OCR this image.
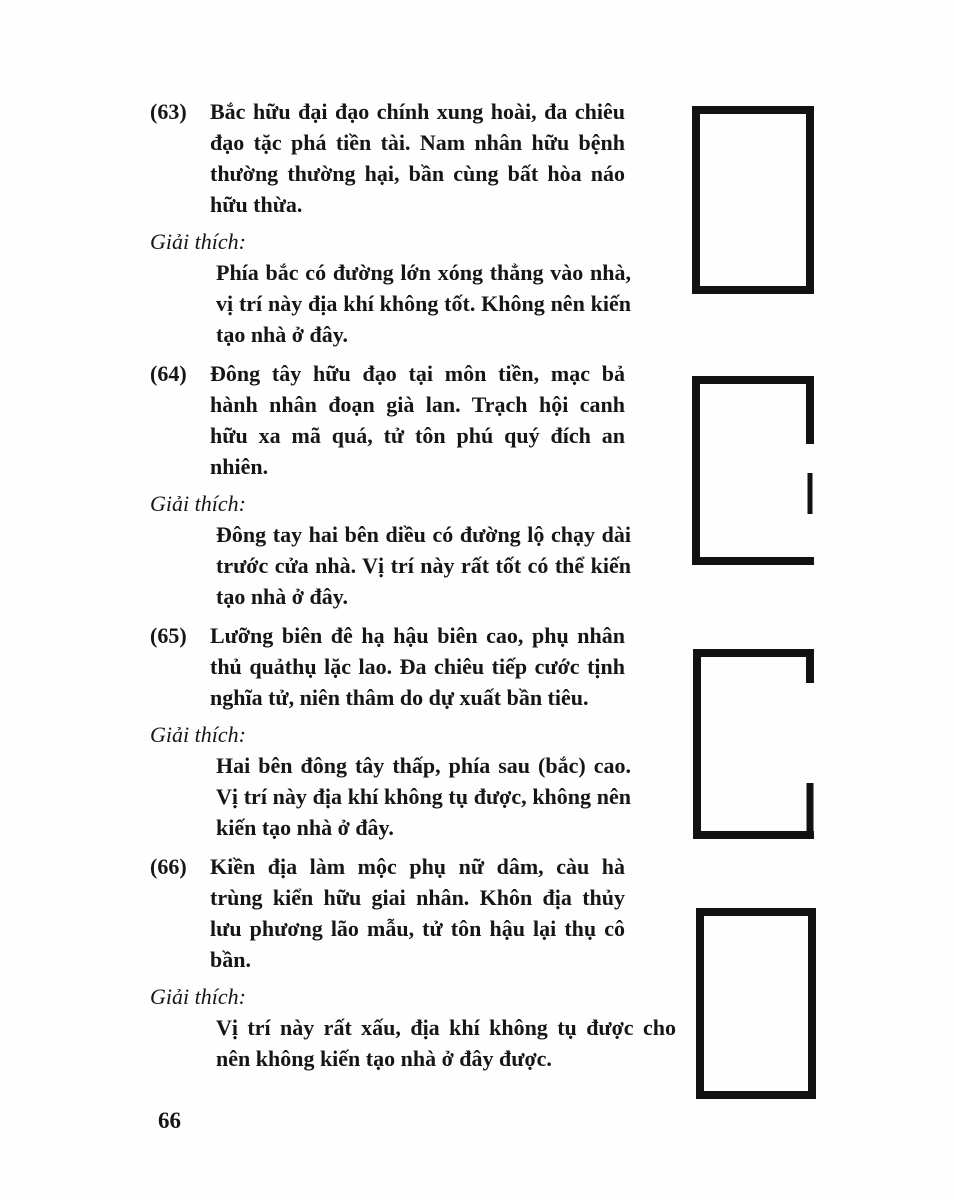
(63) Bắc hữu đại đạo chính xung hoài, đa chiêu đạo tặc phá tiền tài. Nam nhân hữu bệnh thường thường hại, bần cùng bất hòa náo hữu thừa.
Giải thích:
Phía bắc có đường lớn xóng thẳng vào nhà, vị trí này địa khí không tốt. Không nên kiến tạo nhà ở đây.
(64) Đông tây hữu đạo tại môn tiền, mạc bả hành nhân đoạn già lan. Trạch hội canh hữu xa mã quá, tử tôn phú quý đích an nhiên.
Giải thích:
Đông tay hai bên diều có đường lộ chạy dài trước cửa nhà. Vị trí này rất tốt có thể kiến tạo nhà ở đây.
(65) Lưỡng biên đê hạ hậu biên cao, phụ nhân thủ quảthụ lặc lao. Đa chiêu tiếp cước tịnh nghĩa tử, niên thâm do dự xuất bần tiêu.
Giải thích:
Hai bên đông tây thấp, phía sau (bắc) cao. Vị trí này địa khí không tụ được, không nên kiến tạo nhà ở đây.
(66) Kiền địa làm mộc phụ nữ dâm, càu hà trùng kiển hữu giai nhân. Khôn địa thủy lưu phương lão mẫu, tử tôn hậu lại thụ cô bần.
Giải thích:
Vị trí này rất xấu, địa khí không tụ được cho nên không kiến tạo nhà ở đây được.
66
